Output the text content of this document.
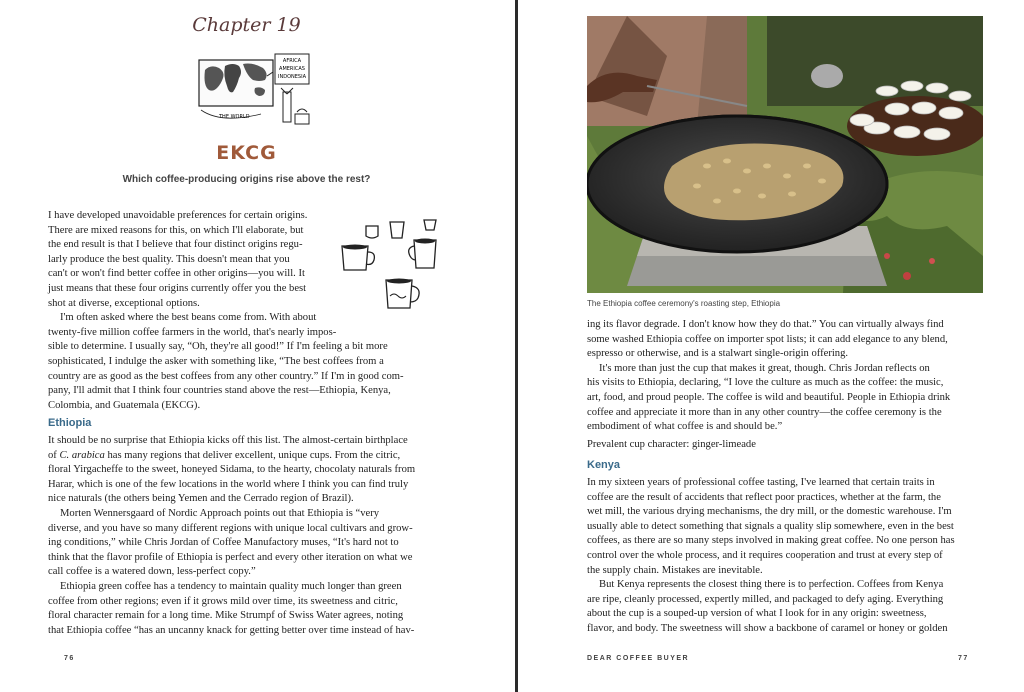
Chapter 19
AFRICA
AMERICAS
INDONESIA
THE WORLD
EKCG
Which coffee-producing origins rise above the rest?

I have developed unavoidable preferences for certain origins.

There are mixed reasons for this, on which I'll elaborate, but

the end result is that I believe that four distinct origins regu-

larly produce the best quality. This doesn't mean that you

can't or won't find better coffee in other origins—you will. It

just means that these four origins currently offer you the best

shot at diverse, exceptional options.

I'm often asked where the best beans come from. With about

twenty-five million coffee farmers in the world, that's nearly impos-

sible to determine. I usually say, “Oh, they're all good!” If I'm feeling a bit more

sophisticated, I indulge the asker with something like, “The best coffees from a

country are as good as the best coffees from any other country.” If I'm in good com-

pany, I'll admit that I think four countries stand above the rest—Ethiopia, Kenya,

Colombia, and Guatemala (EKCG).

Ethiopia

It should be no surprise that Ethiopia kicks off this list. The almost-certain birthplace

of C. arabica has many regions that deliver excellent, unique cups. From the citric,

floral Yirgacheffe to the sweet, honeyed Sidama, to the hearty, chocolaty naturals from

Harar, which is one of the few locations in the world where I think you can find truly

nice naturals (the others being Yemen and the Cerrado region of Brazil).

Morten Wennersgaard of Nordic Approach points out that Ethiopia is “very

diverse, and you have so many different regions with unique local cultivars and grow-

ing conditions,” while Chris Jordan of Coffee Manufactory muses, “It's hard not to

think that the flavor profile of Ethiopia is perfect and every other iteration on what we

call coffee is a watered down, less-perfect copy.”

Ethiopia green coffee has a tendency to maintain quality much longer than green

coffee from other regions; even if it grows mild over time, its sweetness and citric,

floral character remain for a long time. Mike Strumpf of Swiss Water agrees, noting

that Ethiopia coffee “has an uncanny knack for getting better over time instead of hav-

76
The Ethiopia coffee ceremony's roasting step, Ethiopia

ing its flavor degrade. I don't know how they do that.” You can virtually always find

some washed Ethiopia coffee on importer spot lists; it can add elegance to any blend,

espresso or otherwise, and is a stalwart single-origin offering.

It's more than just the cup that makes it great, though. Chris Jordan reflects on

his visits to Ethiopia, declaring, “I love the culture as much as the coffee: the music,

art, food, and proud people. The coffee is wild and beautiful. People in Ethiopia drink

coffee and appreciate it more than in any other country—the coffee ceremony is the

embodiment of what coffee is and should be.”

Prevalent cup character: ginger-limeade

Kenya

In my sixteen years of professional coffee tasting, I've learned that certain traits in

coffee are the result of accidents that reflect poor practices, whether at the farm, the

wet mill, the various drying mechanisms, the dry mill, or the domestic warehouse. I'm

usually able to detect something that signals a quality slip somewhere, even in the best

coffees, as there are so many steps involved in making great coffee. No one person has

control over the whole process, and it requires cooperation and trust at every step of

the supply chain. Mistakes are inevitable.

But Kenya represents the closest thing there is to perfection. Coffees from Kenya

are ripe, cleanly processed, expertly milled, and packaged to defy aging. Everything

about the cup is a souped-up version of what I look for in any origin: sweetness,

flavor, and body. The sweetness will show a backbone of caramel or honey or golden

DEAR COFFEE BUYER	77
